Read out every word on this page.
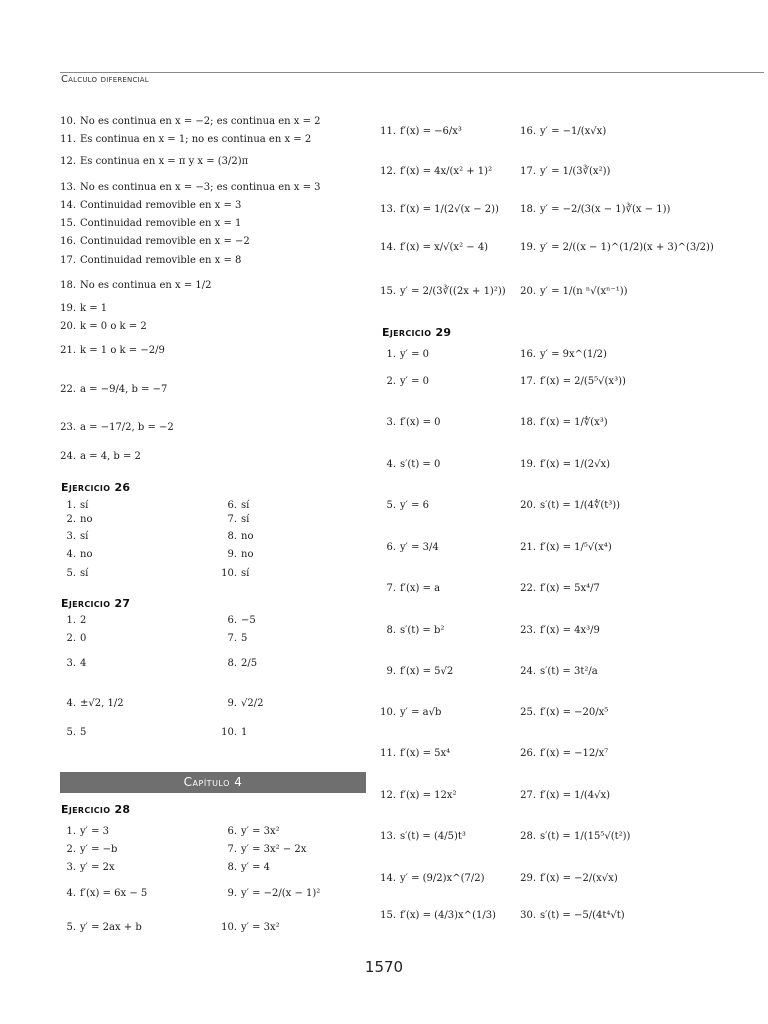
Cálculo diferencial
10. No es continua en x = −2; es continua en x = 2
11. Es continua en x = 1; no es continua en x = 2
12. Es continua en x = π y x = (3/2)π
13. No es continua en x = −3; es continua en x = 3
14. Continuidad removible en x = 3
15. Continuidad removible en x = 1
16. Continuidad removible en x = −2
17. Continuidad removible en x = 8
18. No es continua en x = 1/2
19. k = 1
20. k = 0 o k = 2
21. k = 1 o k = −2/9
22. a = −9/4, b = −7
23. a = −17/2, b = −2
24. a = 4, b = 2
Ejercicio 26
1. sí
2. no
3. sí
4. no
5. sí
6. sí
7. sí
8. no
9. no
10. sí
Ejercicio 27
1. 2
2. 0
3. 4
4. ±√2, 1/2
5. 5
6. −5
7. 5
8. 2/5
9. √2/2
10. 1
Capítulo 4
Ejercicio 28
1. y′ = 3
2. y′ = −b
3. y′ = 2x
4. f′(x) = 6x − 5
5. y′ = 2ax + b
6. y′ = 3x²
7. y′ = 3x² − 2x
8. y′ = 4
9. y′ = −2/(x − 1)²
10. y′ = 3x²
11. f′(x) = −6/x³
12. f′(x) = 4x/(x² + 1)²
13. f′(x) = 1/(2√(x − 2))
14. f′(x) = x/√(x² − 4)
15. y′ = 2/(3∛((2x + 1)²))
16. y′ = −1/(x√x)
17. y′ = 1/(3∛(x²))
18. y′ = −2/(3(x − 1)∛(x − 1))
19. y′ = 2/((x − 1)^(1/2)(x + 3)^(3/2))
20. y′ = 1/(n ⁿ√(xⁿ⁻¹))
Ejercicio 29
1. y′ = 0
2. y′ = 0
3. f′(x) = 0
4. s′(t) = 0
5. y′ = 6
6. y′ = 3/4
7. f′(x) = a
8. s′(t) = b²
9. f′(x) = 5√2
10. y′ = a√b
11. f′(x) = 5x⁴
12. f′(x) = 12x²
13. s′(t) = (4/5)t³
14. y′ = (9/2)x^(7/2)
15. f′(x) = (4/3)x^(1/3)
16. y′ = 9x^(1/2)
17. f′(x) = 2/(5⁵√(x³))
18. f′(x) = 1/∜(x³)
19. f′(x) = 1/(2√x)
20. s′(t) = 1/(4∜(t³))
21. f′(x) = 1/⁵√(x⁴)
22. f′(x) = 5x⁴/7
23. f′(x) = 4x³/9
24. s′(t) = 3t²/a
25. f′(x) = −20/x⁵
26. f′(x) = −12/x⁷
27. f′(x) = 1/(4√x)
28. s′(t) = 1/(15⁵√(t²))
29. f′(x) = −2/(x√x)
30. s′(t) = −5/(4t⁴√t)
1570
